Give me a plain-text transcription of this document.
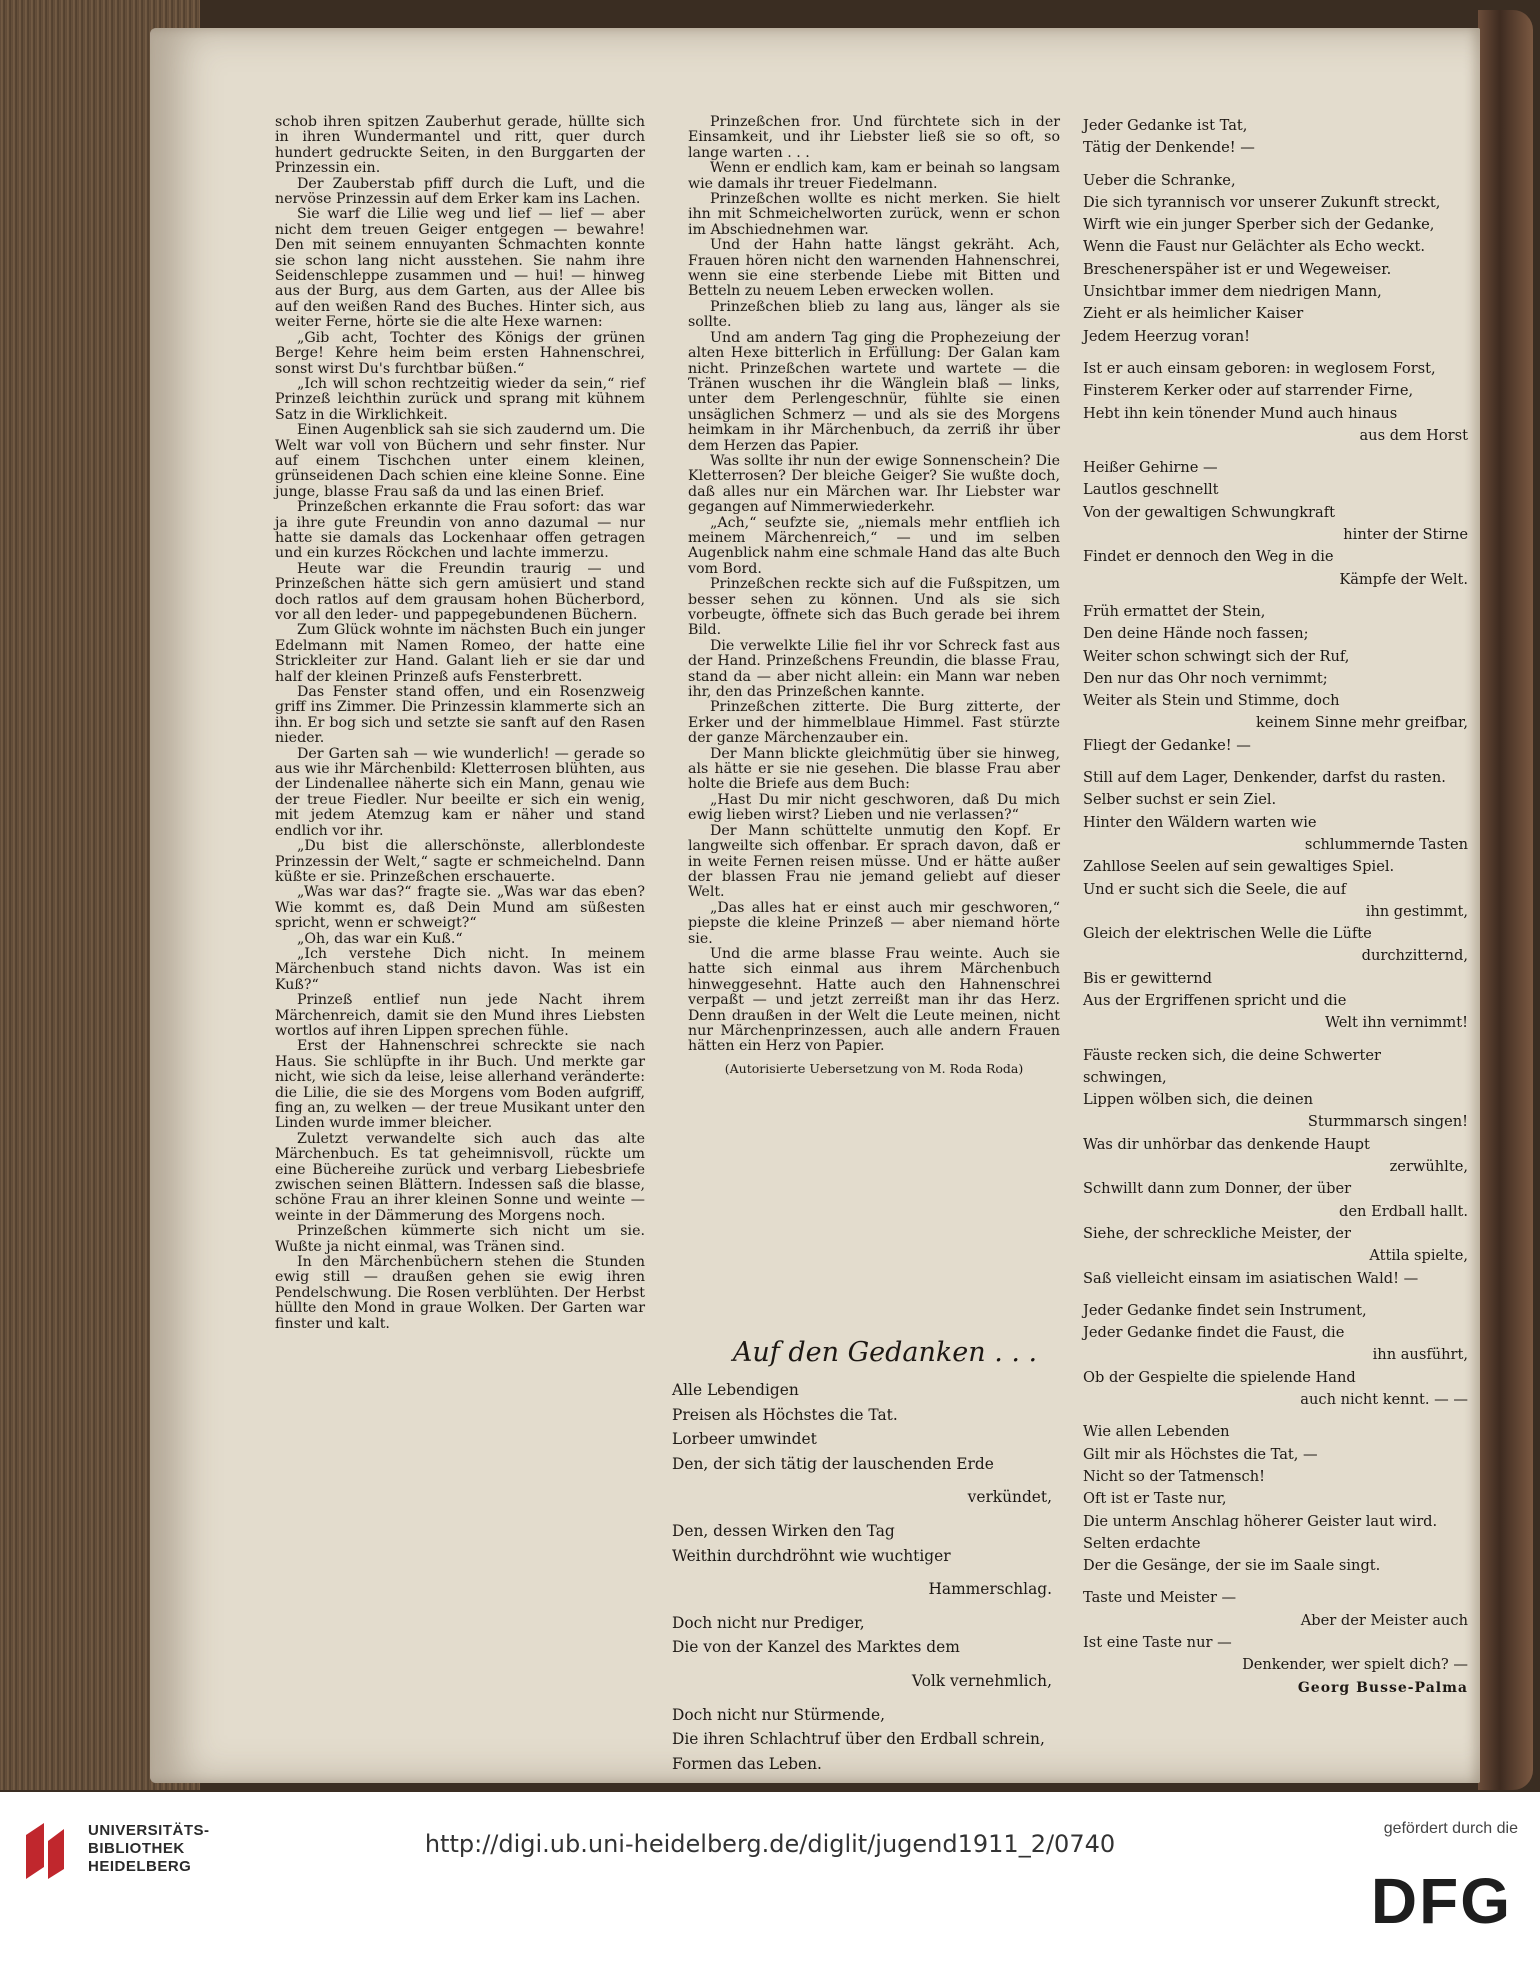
schob ihren spitzen Zauberhut gerade, hüllte sich in ihren Wundermantel und ritt, quer durch hundert gedruckte Seiten, in den Burggarten der Prinzessin ein.

Der Zauberstab pfiff durch die Luft, und die nervöse Prinzessin auf dem Erker kam ins Lachen.

Sie warf die Lilie weg und lief — lief — aber nicht dem treuen Geiger entgegen — bewahre! Den mit seinem ennuyanten Schmachten konnte sie schon lang nicht ausstehen. Sie nahm ihre Seidenschleppe zusammen und — hui! — hinweg aus der Burg, aus dem Garten, aus der Allee bis auf den weißen Rand des Buches. Hinter sich, aus weiter Ferne, hörte sie die alte Hexe warnen:

„Gib acht, Tochter des Königs der grünen Berge! Kehre heim beim ersten Hahnenschrei, sonst wirst Du's furchtbar büßen.“

„Ich will schon rechtzeitig wieder da sein,“ rief Prinzeß leichthin zurück und sprang mit kühnem Satz in die Wirklichkeit.

Einen Augenblick sah sie sich zaudernd um. Die Welt war voll von Büchern und sehr finster. Nur auf einem Tischchen unter einem kleinen, grünseidenen Dach schien eine kleine Sonne. Eine junge, blasse Frau saß da und las einen Brief.

Prinzeßchen erkannte die Frau sofort: das war ja ihre gute Freundin von anno dazumal — nur hatte sie damals das Lockenhaar offen getragen und ein kurzes Röckchen und lachte immerzu.

Heute war die Freundin traurig — und Prinzeßchen hätte sich gern amüsiert und stand doch ratlos auf dem grausam hohen Bücherbord, vor all den leder- und pappegebundenen Büchern.

Zum Glück wohnte im nächsten Buch ein junger Edelmann mit Namen Romeo, der hatte eine Strickleiter zur Hand. Galant lieh er sie dar und half der kleinen Prinzeß aufs Fensterbrett.

Das Fenster stand offen, und ein Rosenzweig griff ins Zimmer. Die Prinzessin klammerte sich an ihn. Er bog sich und setzte sie sanft auf den Rasen nieder.

Der Garten sah — wie wunderlich! — gerade so aus wie ihr Märchenbild: Kletterrosen blühten, aus der Lindenallee näherte sich ein Mann, genau wie der treue Fiedler. Nur beeilte er sich ein wenig, mit jedem Atemzug kam er näher und stand endlich vor ihr.

„Du bist die allerschönste, allerblondeste Prinzessin der Welt,“ sagte er schmeichelnd. Dann küßte er sie. Prinzeßchen erschauerte.

„Was war das?“ fragte sie. „Was war das eben? Wie kommt es, daß Dein Mund am süßesten spricht, wenn er schweigt?“

„Oh, das war ein Kuß.“

„Ich verstehe Dich nicht. In meinem Märchenbuch stand nichts davon. Was ist ein Kuß?“

Prinzeß entlief nun jede Nacht ihrem Märchenreich, damit sie den Mund ihres Liebsten wortlos auf ihren Lippen sprechen fühle.

Erst der Hahnenschrei schreckte sie nach Haus. Sie schlüpfte in ihr Buch. Und merkte gar nicht, wie sich da leise, leise allerhand veränderte: die Lilie, die sie des Morgens vom Boden aufgriff, fing an, zu welken — der treue Musikant unter den Linden wurde immer bleicher.

Zuletzt verwandelte sich auch das alte Märchenbuch. Es tat geheimnisvoll, rückte um eine Büchereihe zurück und verbarg Liebesbriefe zwischen seinen Blättern. Indessen saß die blasse, schöne Frau an ihrer kleinen Sonne und weinte — weinte in der Dämmerung des Morgens noch.

Prinzeßchen kümmerte sich nicht um sie. Wußte ja nicht einmal, was Tränen sind.

In den Märchenbüchern stehen die Stunden ewig still — draußen gehen sie ewig ihren Pendelschwung. Die Rosen verblühten. Der Herbst hüllte den Mond in graue Wolken. Der Garten war finster und kalt.

Prinzeßchen fror. Und fürchtete sich in der Einsamkeit, und ihr Liebster ließ sie so oft, so lange warten . . .

Wenn er endlich kam, kam er beinah so langsam wie damals ihr treuer Fiedelmann.

Prinzeßchen wollte es nicht merken. Sie hielt ihn mit Schmeichelworten zurück, wenn er schon im Abschiednehmen war.

Und der Hahn hatte längst gekräht. Ach, Frauen hören nicht den warnenden Hahnenschrei, wenn sie eine sterbende Liebe mit Bitten und Betteln zu neuem Leben erwecken wollen.

Prinzeßchen blieb zu lang aus, länger als sie sollte.

Und am andern Tag ging die Prophezeiung der alten Hexe bitterlich in Erfüllung: Der Galan kam nicht. Prinzeßchen wartete und wartete — die Tränen wuschen ihr die Wänglein blaß — links, unter dem Perlengeschnür, fühlte sie einen unsäglichen Schmerz — und als sie des Morgens heimkam in ihr Märchenbuch, da zerriß ihr über dem Herzen das Papier.

Was sollte ihr nun der ewige Sonnenschein? Die Kletterrosen? Der bleiche Geiger? Sie wußte doch, daß alles nur ein Märchen war. Ihr Liebster war gegangen auf Nimmerwiederkehr.

„Ach,“ seufzte sie, „niemals mehr entflieh ich meinem Märchenreich,“ — und im selben Augenblick nahm eine schmale Hand das alte Buch vom Bord.

Prinzeßchen reckte sich auf die Fußspitzen, um besser sehen zu können. Und als sie sich vorbeugte, öffnete sich das Buch gerade bei ihrem Bild.

Die verwelkte Lilie fiel ihr vor Schreck fast aus der Hand. Prinzeßchens Freundin, die blasse Frau, stand da — aber nicht allein: ein Mann war neben ihr, den das Prinzeßchen kannte.

Prinzeßchen zitterte. Die Burg zitterte, der Erker und der himmelblaue Himmel. Fast stürzte der ganze Märchenzauber ein.

Der Mann blickte gleichmütig über sie hinweg, als hätte er sie nie gesehen. Die blasse Frau aber holte die Briefe aus dem Buch:

„Hast Du mir nicht geschworen, daß Du mich ewig lieben wirst? Lieben und nie verlassen?“

Der Mann schüttelte unmutig den Kopf. Er langweilte sich offenbar. Er sprach davon, daß er in weite Fernen reisen müsse. Und er hätte außer der blassen Frau nie jemand geliebt auf dieser Welt.

„Das alles hat er einst auch mir geschworen,“ piepste die kleine Prinzeß — aber niemand hörte sie.

Und die arme blasse Frau weinte. Auch sie hatte sich einmal aus ihrem Märchenbuch hinweggesehnt. Hatte auch den Hahnenschrei verpaßt — und jetzt zerreißt man ihr das Herz. Denn draußen in der Welt die Leute meinen, nicht nur Märchenprinzessen, auch alle andern Frauen hätten ein Herz von Papier.

(Autorisierte Uebersetzung von M. Roda Roda)

Auf den Gedanken . . .

Alle Lebendigen
Preisen als Höchstes die Tat.
Lorbeer umwindet
Den, der sich tätig der lauschenden Erde

verkündet,

Den, dessen Wirken den Tag
Weithin durchdröhnt wie wuchtiger

Hammerschlag.

Doch nicht nur Prediger,
Die von der Kanzel des Marktes dem

Volk vernehmlich,

Doch nicht nur Stürmende,
Die ihren Schlachtruf über den Erdball schrein,
Formen das Leben.

Jeder Gedanke ist Tat,
Tätig der Denkende! —

Ueber die Schranke,
Die sich tyrannisch vor unserer Zukunft streckt,
Wirft wie ein junger Sperber sich der Gedanke,
Wenn die Faust nur Gelächter als Echo weckt.
Breschenerspäher ist er und Wegeweiser.
Unsichtbar immer dem niedrigen Mann,
Zieht er als heimlicher Kaiser
Jedem Heerzug voran!

Ist er auch einsam geboren: in weglosem Forst,
Finsterem Kerker oder auf starrender Firne,
Hebt ihn kein tönender Mund auch hinaus

aus dem Horst

Heißer Gehirne —
Lautlos geschnellt
Von der gewaltigen Schwungkraft

hinter der Stirne

Findet er dennoch den Weg in die

Kämpfe der Welt.

Früh ermattet der Stein,
Den deine Hände noch fassen;
Weiter schon schwingt sich der Ruf,
Den nur das Ohr noch vernimmt;
Weiter als Stein und Stimme, doch

keinem Sinne mehr greifbar,

Fliegt der Gedanke! —

Still auf dem Lager, Denkender, darfst du rasten.
Selber suchst er sein Ziel.
Hinter den Wäldern warten wie

schlummernde Tasten

Zahllose Seelen auf sein gewaltiges Spiel.
Und er sucht sich die Seele, die auf

ihn gestimmt,

Gleich der elektrischen Welle die Lüfte

durchzitternd,

Bis er gewitternd
Aus der Ergriffenen spricht und die

Welt ihn vernimmt!

Fäuste recken sich, die deine Schwerter schwingen,
Lippen wölben sich, die deinen

Sturmmarsch singen!

Was dir unhörbar das denkende Haupt

zerwühlte,

Schwillt dann zum Donner, der über

den Erdball hallt.

Siehe, der schreckliche Meister, der

Attila spielte,

Saß vielleicht einsam im asiatischen Wald! —

Jeder Gedanke findet sein Instrument,
Jeder Gedanke findet die Faust, die

ihn ausführt,

Ob der Gespielte die spielende Hand

auch nicht kennt. — —

Wie allen Lebenden
Gilt mir als Höchstes die Tat, —
Nicht so der Tatmensch!
Oft ist er Taste nur,
Die unterm Anschlag höherer Geister laut wird.
Selten erdachte
Der die Gesänge, der sie im Saale singt.

Taste und Meister —

Aber der Meister auch

Ist eine Taste nur —

Denkender, wer spielt dich? —

Georg Busse-Palma

UNIVERSITÄTS-
BIBLIOTHEK
HEIDELBERG
http://digi.ub.uni-heidelberg.de/diglit/jugend1911_2/0740
gefördert durch die
DFG
